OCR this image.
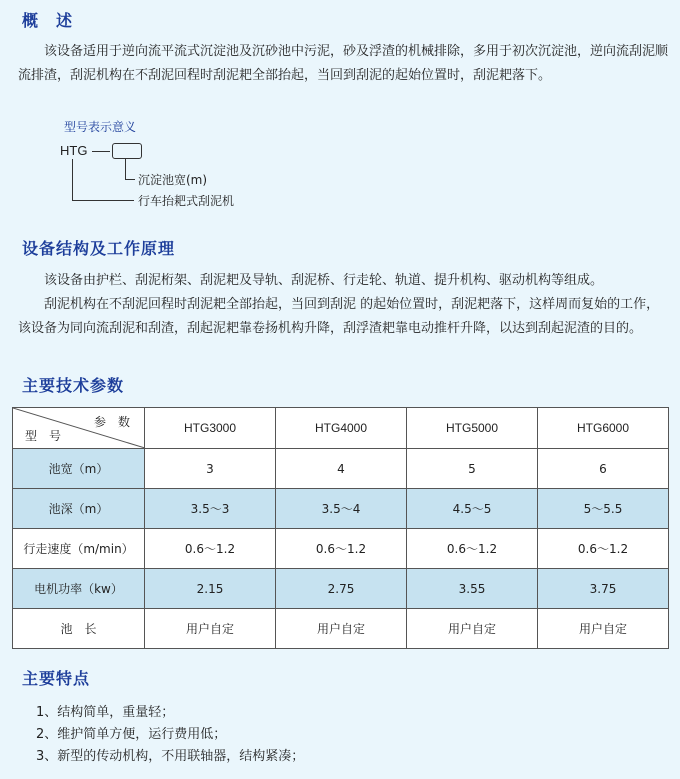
概　述

该设备适用于逆向流平流式沉淀池及沉砂池中污泥，砂及浮渣的机械排除，多用于初次沉淀池，逆向流刮泥顺流排渣，刮泥机构在不刮泥回程时刮泥耙全部抬起，当回到刮泥的起始位置时，刮泥耙落下。

型号表示意义
HTG
沉淀池宽(m)
行车抬耙式刮泥机
设备结构及工作原理

该设备由护栏、刮泥桁架、刮泥耙及导轨、刮泥桥、行走轮、轨道、提升机构、驱动机构等组成。

刮泥机构在不刮泥回程时刮泥耙全部抬起，当回到刮泥 的起始位置时，刮泥耙落下，这样周而复始的工作，该设备为同向流刮泥和刮渣，刮起泥耙靠卷扬机构升降，刮浮渣耙靠电动推杆升降，以达到刮起泥渣的目的。

主要技术参数
参　数
型　号	HTG3000	HTG4000	HTG5000	HTG6000
池宽（m）	3	4	5	6
池深（m）	3.5～3	3.5～4	4.5～5	5～5.5
行走速度（m/min）	0.6～1.2	0.6～1.2	0.6～1.2	0.6～1.2
电机功率（kw）	2.15	2.75	3.55	3.75
池　长	用户自定	用户自定	用户自定	用户自定
主要特点
1、结构简单，重量轻；
2、维护简单方便，运行费用低；
3、新型的传动机构，不用联轴器，结构紧凑；
